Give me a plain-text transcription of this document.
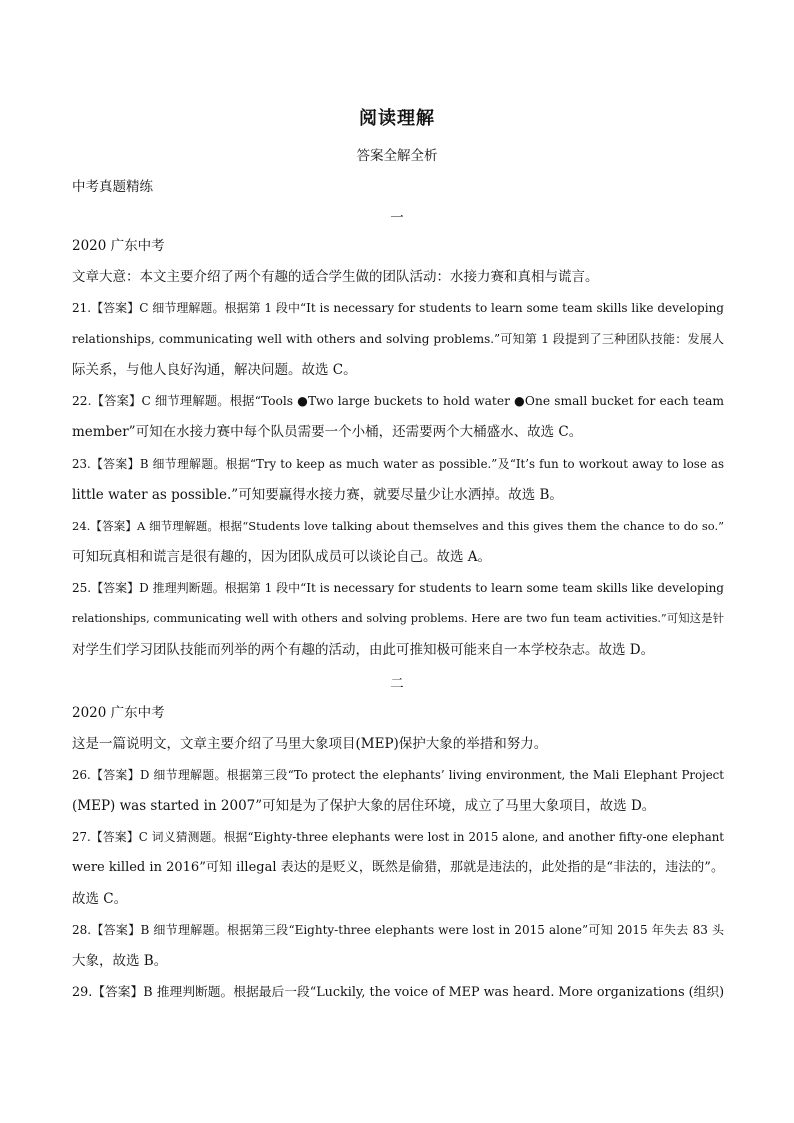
阅读理解
答案全解全析
中考真题精练
一
2020 广东中考
文章大意：本文主要介绍了两个有趣的适合学生做的团队活动：水接力赛和真相与谎言。
21.【答案】C 细节理解题。根据第 1 段中“It is necessary for students to learn some team skills like developing
relationships, communicating well with others and solving problems.”可知第 1 段提到了三种团队技能：发展人
际关系，与他人良好沟通，解决问题。故选 C。
22.【答案】C 细节理解题。根据“Tools ●Two large buckets to hold water ●One small bucket for each team
member”可知在水接力赛中每个队员需要一个小桶，还需要两个大桶盛水、故选 C。
23.【答案】B 细节理解题。根据“Try to keep as much water as possible.”及“It’s fun to workout away to lose as
little water as possible.”可知要赢得水接力赛，就要尽量少让水洒掉。故选 B。
24.【答案】A 细节理解题。根据“Students love talking about themselves and this gives them the chance to do so.”
可知玩真相和谎言是很有趣的，因为团队成员可以谈论自己。故选 A。
25.【答案】D 推理判断题。根据第 1 段中“It is necessary for students to learn some team skills like developing
relationships, communicating well with others and solving problems. Here are two fun team activities.”可知这是针
对学生们学习团队技能而列举的两个有趣的活动，由此可推知极可能来自一本学校杂志。故选 D。
二
2020 广东中考
这是一篇说明文，文章主要介绍了马里大象项目(MEP)保护大象的举措和努力。
26.【答案】D 细节理解题。根据第三段“To protect the elephants’ living environment, the Mali Elephant Project
(MEP) was started in 2007”可知是为了保护大象的居住环境，成立了马里大象项目，故选 D。
27.【答案】C 词义猜测题。根据“Eighty-three elephants were lost in 2015 alone, and another fifty-one elephant
were killed in 2016”可知 illegal 表达的是贬义，既然是偷猎，那就是违法的，此处指的是“非法的，违法的”。
故选 C。
28.【答案】B 细节理解题。根据第三段“Eighty-three elephants were lost in 2015 alone”可知 2015 年失去 83 头
大象，故选 B。
29.【答案】B 推理判断题。根据最后一段“Luckily, the voice of MEP was heard. More organizations (组织)
